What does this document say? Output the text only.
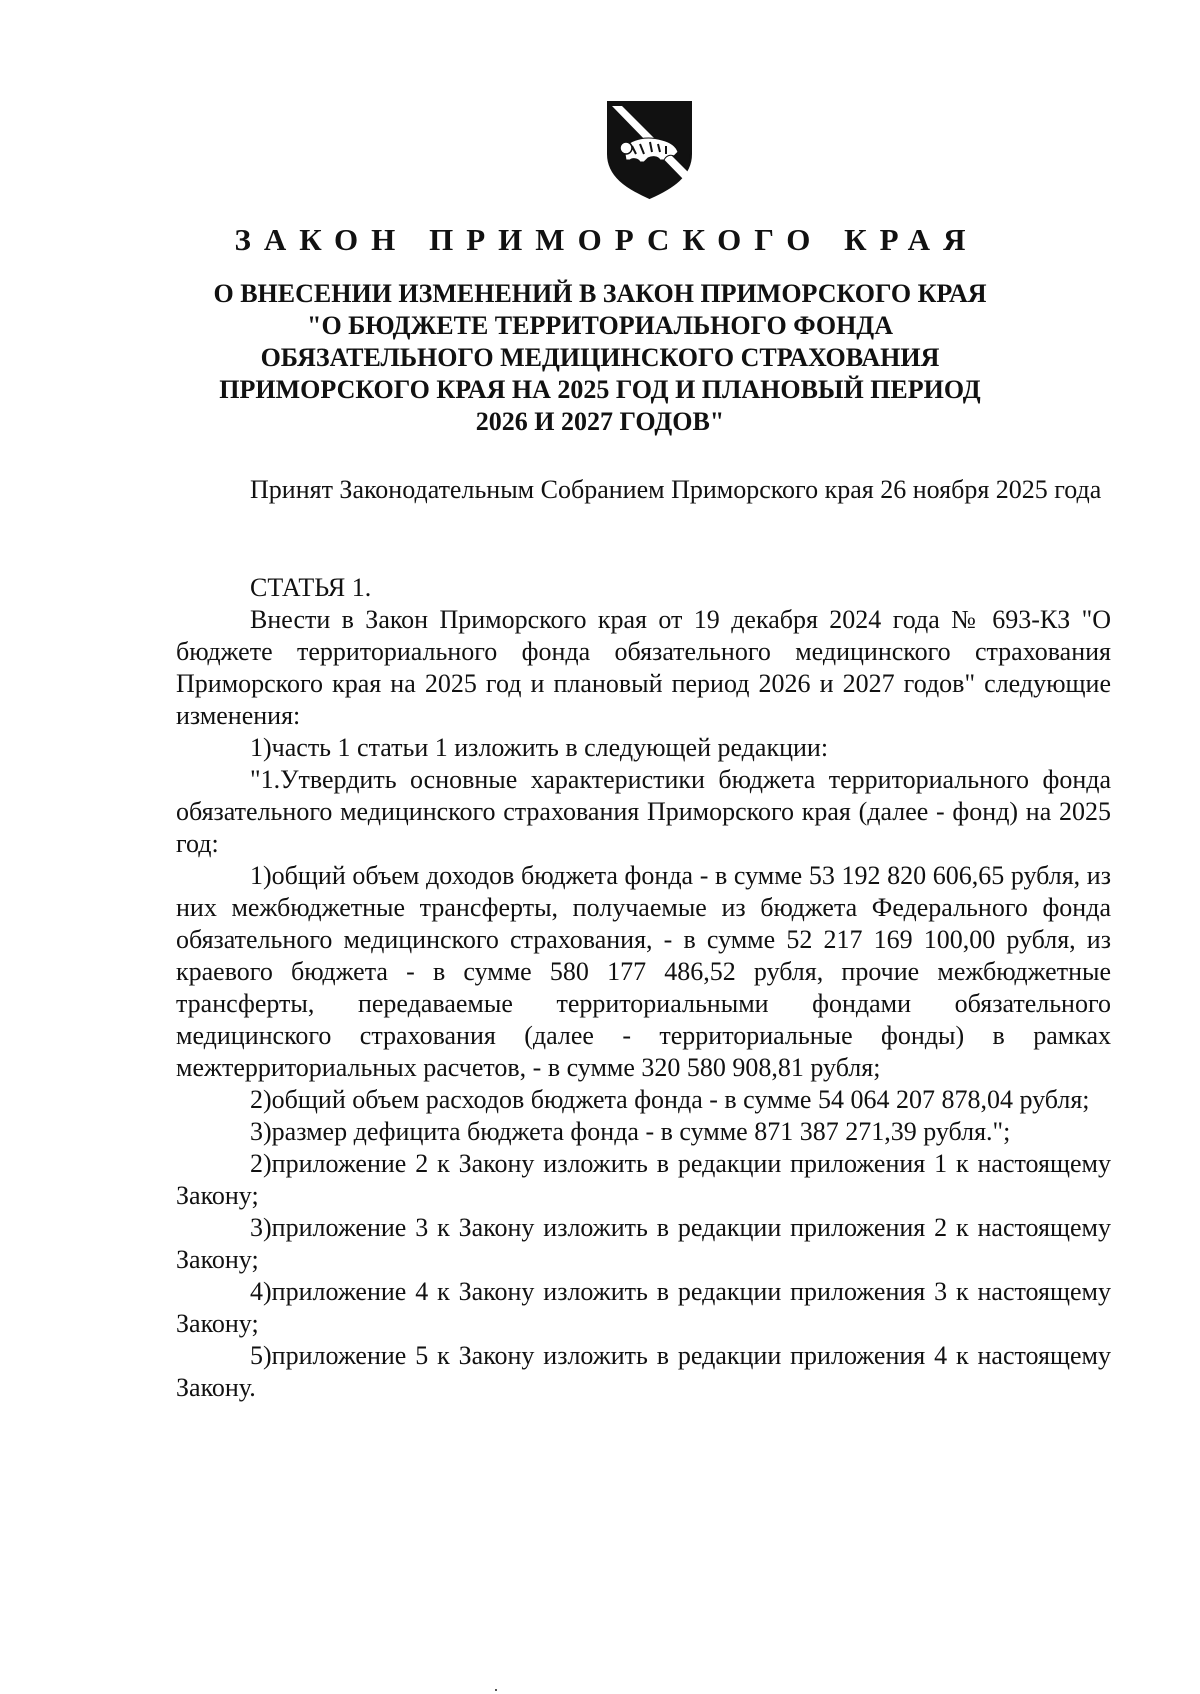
ЗАКОН ПРИМОРСКОГО КРАЯ
О ВНЕСЕНИИ ИЗМЕНЕНИЙ В ЗАКОН ПРИМОРСКОГО КРАЯ
"О БЮДЖЕТЕ ТЕРРИТОРИАЛЬНОГО ФОНДА
ОБЯЗАТЕЛЬНОГО МЕДИЦИНСКОГО СТРАХОВАНИЯ
ПРИМОРСКОГО КРАЯ НА 2025 ГОД И ПЛАНОВЫЙ ПЕРИОД
2026 И 2027 ГОДОВ"

Принят Законодательным Собранием Приморского края 26 ноября 2025 года

СТАТЬЯ 1.

Внести в Закон Приморского края от 19 декабря 2024 года № 693-КЗ "О бюджете территориального фонда обязательного медицинского страхования Приморского края на 2025 год и плановый период 2026 и 2027 годов" следующие изменения:

1)часть 1 статьи 1 изложить в следующей редакции:

"1.Утвердить основные характеристики бюджета территориального фонда обязательного медицинского страхования Приморского края (далее - фонд) на 2025 год:

1)общий объем доходов бюджета фонда - в сумме 53 192 820 606,65 рубля, из них межбюджетные трансферты, получаемые из бюджета Федерального фонда обязательного медицинского страхования, - в сумме 52 217 169 100,00 рубля, из краевого бюджета - в сумме 580 177 486,52 рубля, прочие межбюджетные трансферты, передаваемые территориальными фондами обязательного медицинского страхования (далее - территориальные фонды) в рамках межтерриториальных расчетов, - в сумме 320 580 908,81 рубля;

2)общий объем расходов бюджета фонда - в сумме 54 064 207 878,04 рубля;

3)размер дефицита бюджета фонда - в сумме 871 387 271,39 рубля.";

2)приложение 2 к Закону изложить в редакции приложения 1 к настоящему Закону;

3)приложение 3 к Закону изложить в редакции приложения 2 к настоящему Закону;

4)приложение 4 к Закону изложить в редакции приложения 3 к настоящему Закону;

5)приложение 5 к Закону изложить в редакции приложения 4 к настоящему Закону.
